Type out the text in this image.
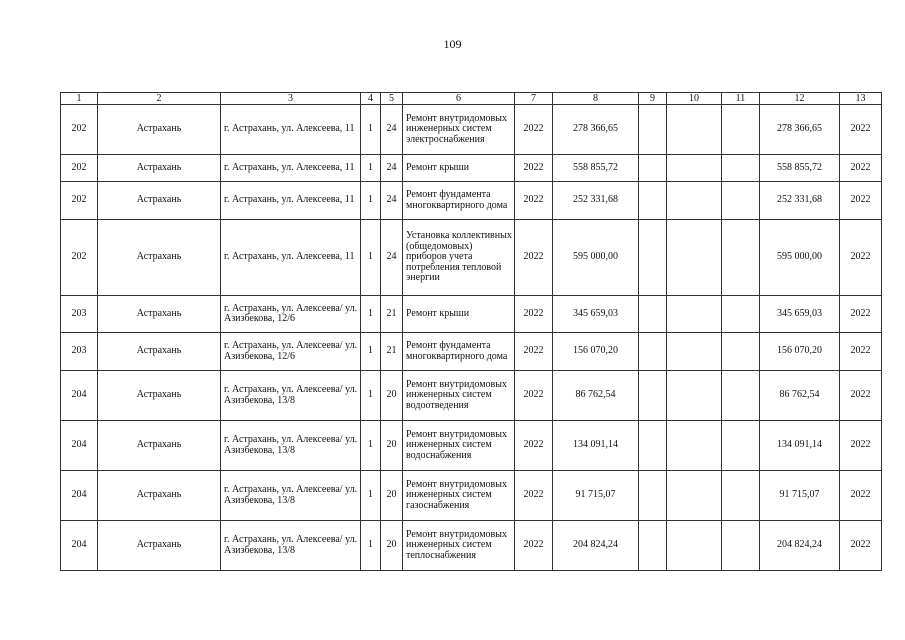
109
1	2	3	4	5	6	7	8	9	10	11	12	13
202	Астрахань	г. Астрахань, ул. Алексеева, 11	1	24	Ремонт внутридомовых инженерных систем электроснабжения	2022	278 366,65				278 366,65	2022
202	Астрахань	г. Астрахань, ул. Алексеева, 11	1	24	Ремонт крыши	2022	558 855,72				558 855,72	2022
202	Астрахань	г. Астрахань, ул. Алексеева, 11	1	24	Ремонт фундамента многоквартирного дома	2022	252 331,68				252 331,68	2022
202	Астрахань	г. Астрахань, ул. Алексеева, 11	1	24	Установка коллективных (общедомовых) приборов учета потребления тепловой энергии	2022	595 000,00				595 000,00	2022
203	Астрахань	г. Астрахань, ул. Алексеева/ ул. Азизбекова, 12/6	1	21	Ремонт крыши	2022	345 659,03				345 659,03	2022
203	Астрахань	г. Астрахань, ул. Алексеева/ ул. Азизбекова, 12/6	1	21	Ремонт фундамента многоквартирного дома	2022	156 070,20				156 070,20	2022
204	Астрахань	г. Астрахань, ул. Алексеева/ ул. Азизбекова, 13/8	1	20	Ремонт внутридомовых инженерных систем водоотведения	2022	86 762,54				86 762,54	2022
204	Астрахань	г. Астрахань, ул. Алексеева/ ул. Азизбекова, 13/8	1	20	Ремонт внутридомовых инженерных систем водоснабжения	2022	134 091,14				134 091,14	2022
204	Астрахань	г. Астрахань, ул. Алексеева/ ул. Азизбекова, 13/8	1	20	Ремонт внутридомовых инженерных систем газоснабжения	2022	91 715,07				91 715,07	2022
204	Астрахань	г. Астрахань, ул. Алексеева/ ул. Азизбекова, 13/8	1	20	Ремонт внутридомовых инженерных систем теплоснабжения	2022	204 824,24				204 824,24	2022
